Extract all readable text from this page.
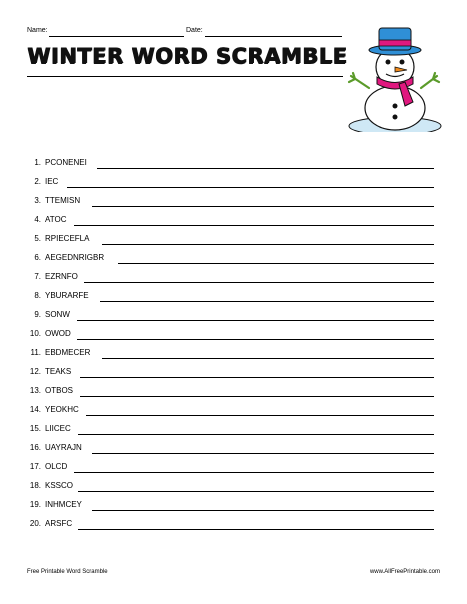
Name:	Date:
WINTER WORD SCRAMBLE
1. PCONENEI
2. IEC
3. TTEMISN
4. ATOC
5. RPIECEFLA
6. AEGEDNRIGBR
7. EZRNFO
8. YBURARFE
9. SONW
10. OWOD
11. EBDMECER
12. TEAKS
13. OTBOS
14. YEOKHC
15. LIICEC
16. UAYRAJN
17. OLCD
18. KSSCO
19. INHMCEY
20. ARSFC
Free Printable Word Scramble	www.AllFreePrintable.com
